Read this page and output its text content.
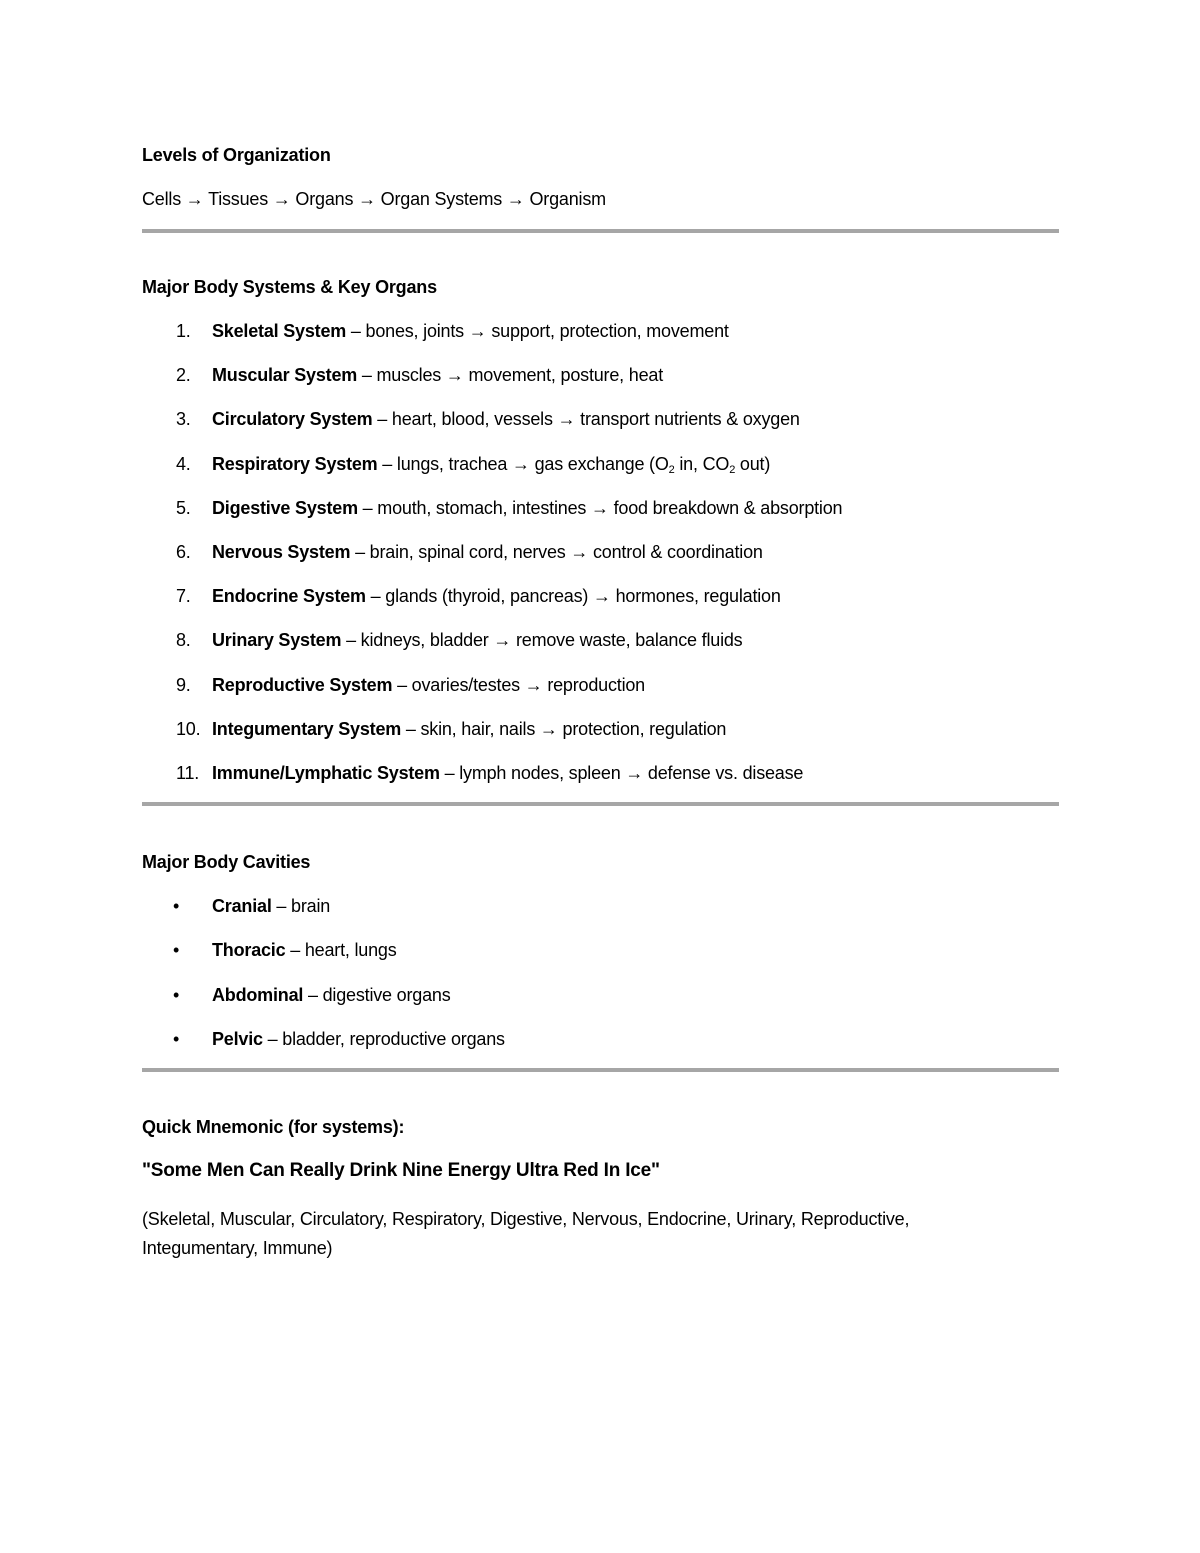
Levels of Organization

Cells → Tissues → Organs → Organ Systems → Organism

Major Body Systems & Key Organs

1. Skeletal System – bones, joints → support, protection, movement
2. Muscular System – muscles → movement, posture, heat
3. Circulatory System – heart, blood, vessels → transport nutrients & oxygen
4. Respiratory System – lungs, trachea → gas exchange ($O_2$ in, $CO_2$ out)
5. Digestive System – mouth, stomach, intestines → food breakdown & absorption
6. Nervous System – brain, spinal cord, nerves → control & coordination
7. Endocrine System – glands (thyroid, pancreas) → hormones, regulation
8. Urinary System – kidneys, bladder → remove waste, balance fluids
9. Reproductive System – ovaries/testes → reproduction
10. Integumentary System – skin, hair, nails → protection, regulation
11. Immune/Lymphatic System – lymph nodes, spleen → defense vs. disease

Major Body Cavities

• Cranial – brain
• Thoracic – heart, lungs
• Abdominal – digestive organs
• Pelvic – bladder, reproductive organs

Quick Mnemonic (for systems):

"Some Men Can Really Drink Nine Energy Ultra Red In Ice"

(Skeletal, Muscular, Circulatory, Respiratory, Digestive, Nervous, Endocrine, Urinary, Reproductive,

Integumentary, Immune)
